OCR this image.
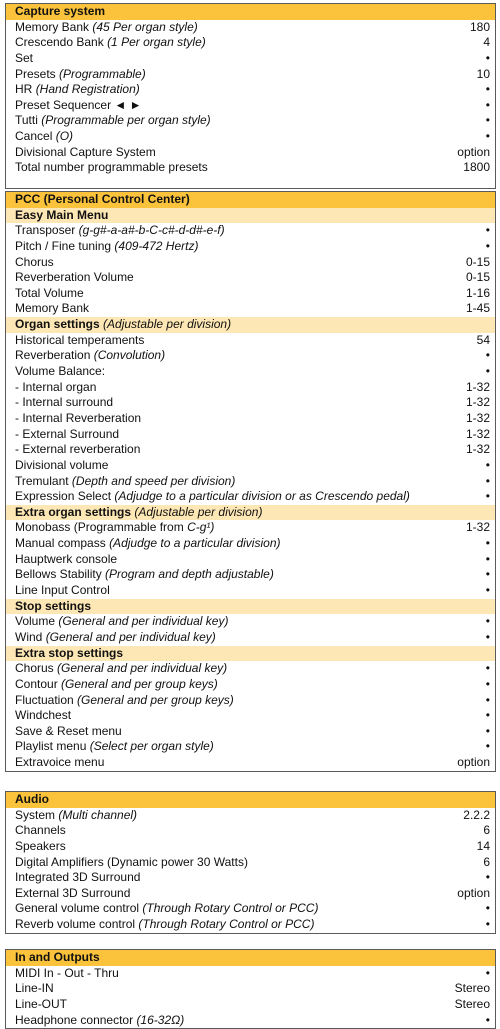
Capture system
Memory Bank (45 Per organ style)	180
Crescendo Bank (1 Per organ style)	4
Set	•
Presets (Programmable)	10
HR (Hand Registration)	•
Preset Sequencer ◄ ►	•
Tutti (Programmable per organ style)	•
Cancel (O)	•
Divisional Capture System	option
Total number programmable presets	1800
PCC (Personal Control Center)
Easy Main Menu
Transposer (g-g#-a-a#-b-C-c#-d-d#-e-f)	•
Pitch / Fine tuning (409-472 Hertz)	•
Chorus	0-15
Reverberation Volume	0-15
Total Volume	1-16
Memory Bank	1-45
Organ settings (Adjustable per division)
Historical temperaments	54
Reverberation (Convolution)	•
Volume Balance:	•
- Internal organ	1-32
- Internal surround	1-32
- Internal Reverberation	1-32
- External Surround	1-32
- External reverberation	1-32
Divisional volume	•
Tremulant (Depth and speed per division)	•
Expression Select (Adjudge to a particular division or as Crescendo pedal)	•
Extra organ settings (Adjustable per division)
Monobass (Programmable from C-g¹)	1-32
Manual compass (Adjudge to a particular division)	•
Hauptwerk console	•
Bellows Stability (Program and depth adjustable)	•
Line Input Control	•
Stop settings
Volume (General and per individual key)	•
Wind (General and per individual key)	•
Extra stop settings
Chorus (General and per individual key)	•
Contour (General and per group keys)	•
Fluctuation (General and per group keys)	•
Windchest	•
Save & Reset menu	•
Playlist menu (Select per organ style)	•
Extravoice menu	option
Audio
System (Multi channel)	2.2.2
Channels	6
Speakers	14
Digital Amplifiers (Dynamic power 30 Watts)	6
Integrated 3D Surround	•
External 3D Surround	option
General volume control (Through Rotary Control or PCC)	•
Reverb volume control (Through Rotary Control or PCC)	•
In and Outputs
MIDI In - Out - Thru	•
Line-IN	Stereo
Line-OUT	Stereo
Headphone connector (16-32Ω)	•
